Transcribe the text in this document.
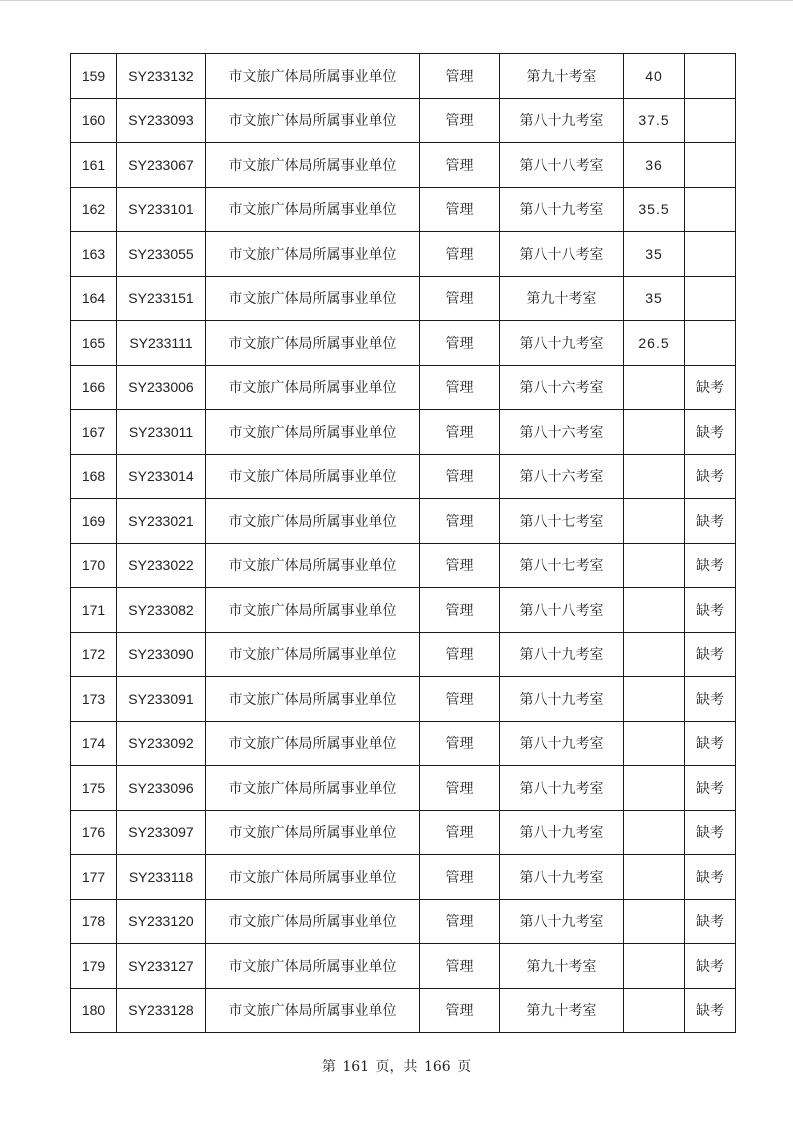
159	SY233132	市文旅广体局所属事业单位	管理	第九十考室	40	
160	SY233093	市文旅广体局所属事业单位	管理	第八十九考室	37.5	
161	SY233067	市文旅广体局所属事业单位	管理	第八十八考室	36	
162	SY233101	市文旅广体局所属事业单位	管理	第八十九考室	35.5	
163	SY233055	市文旅广体局所属事业单位	管理	第八十八考室	35	
164	SY233151	市文旅广体局所属事业单位	管理	第九十考室	35	
165	SY233111	市文旅广体局所属事业单位	管理	第八十九考室	26.5	
166	SY233006	市文旅广体局所属事业单位	管理	第八十六考室		缺考
167	SY233011	市文旅广体局所属事业单位	管理	第八十六考室		缺考
168	SY233014	市文旅广体局所属事业单位	管理	第八十六考室		缺考
169	SY233021	市文旅广体局所属事业单位	管理	第八十七考室		缺考
170	SY233022	市文旅广体局所属事业单位	管理	第八十七考室		缺考
171	SY233082	市文旅广体局所属事业单位	管理	第八十八考室		缺考
172	SY233090	市文旅广体局所属事业单位	管理	第八十九考室		缺考
173	SY233091	市文旅广体局所属事业单位	管理	第八十九考室		缺考
174	SY233092	市文旅广体局所属事业单位	管理	第八十九考室		缺考
175	SY233096	市文旅广体局所属事业单位	管理	第八十九考室		缺考
176	SY233097	市文旅广体局所属事业单位	管理	第八十九考室		缺考
177	SY233118	市文旅广体局所属事业单位	管理	第八十九考室		缺考
178	SY233120	市文旅广体局所属事业单位	管理	第八十九考室		缺考
179	SY233127	市文旅广体局所属事业单位	管理	第九十考室		缺考
180	SY233128	市文旅广体局所属事业单位	管理	第九十考室		缺考
第 161 页，共 166 页
